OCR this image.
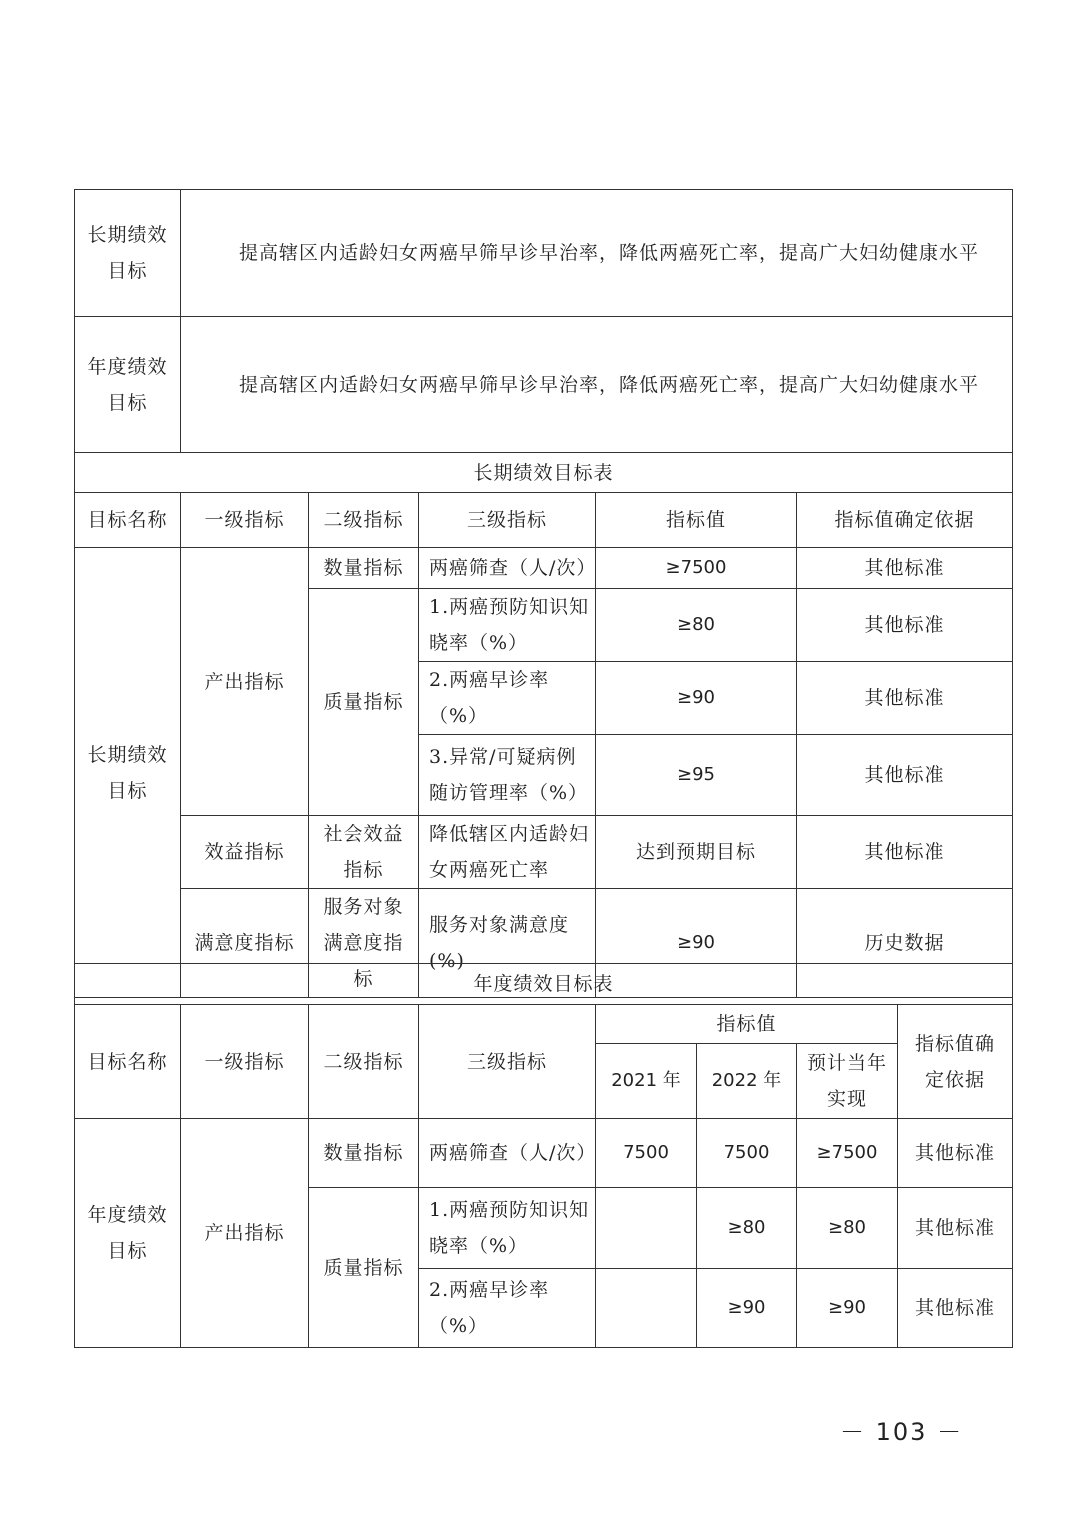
长期绩效目标	提高辖区内适龄妇女两癌早筛早诊早治率，降低两癌死亡率，提高广大妇幼健康水平				
年度绩效目标	提高辖区内适龄妇女两癌早筛早诊早治率，降低两癌死亡率，提高广大妇幼健康水平				
长期绩效目标表					
目标名称	一级指标	二级指标	三级指标	指标值	指标值确定依据
长期绩效目标	产出指标	数量指标	两癌筛查（人/次）	≥7500	其他标准
		质量指标	1.两癌预防知识知晓率（%）	≥80	其他标准
			2.两癌早诊率（%）	≥90	其他标准
			3.异常/可疑病例随访管理率（%）	≥95	其他标准
	效益指标	社会效益指标	降低辖区内适龄妇女两癌死亡率	达到预期目标	其他标准
	满意度指标	服务对象满意度指标	服务对象满意度(%)	≥90	历史数据
年度绩效目标表							
目标名称	一级指标	二级指标	三级指标	指标值			指标值确定依据
				2021 年	2022 年	预计当年实现	
年度绩效目标	产出指标	数量指标	两癌筛查（人/次）	7500	7500	≥7500	其他标准
		质量指标	1.两癌预防知识知晓率（%）		≥80	≥80	其他标准
			2.两癌早诊率（%）		≥90	≥90	其他标准
－ 103 －
